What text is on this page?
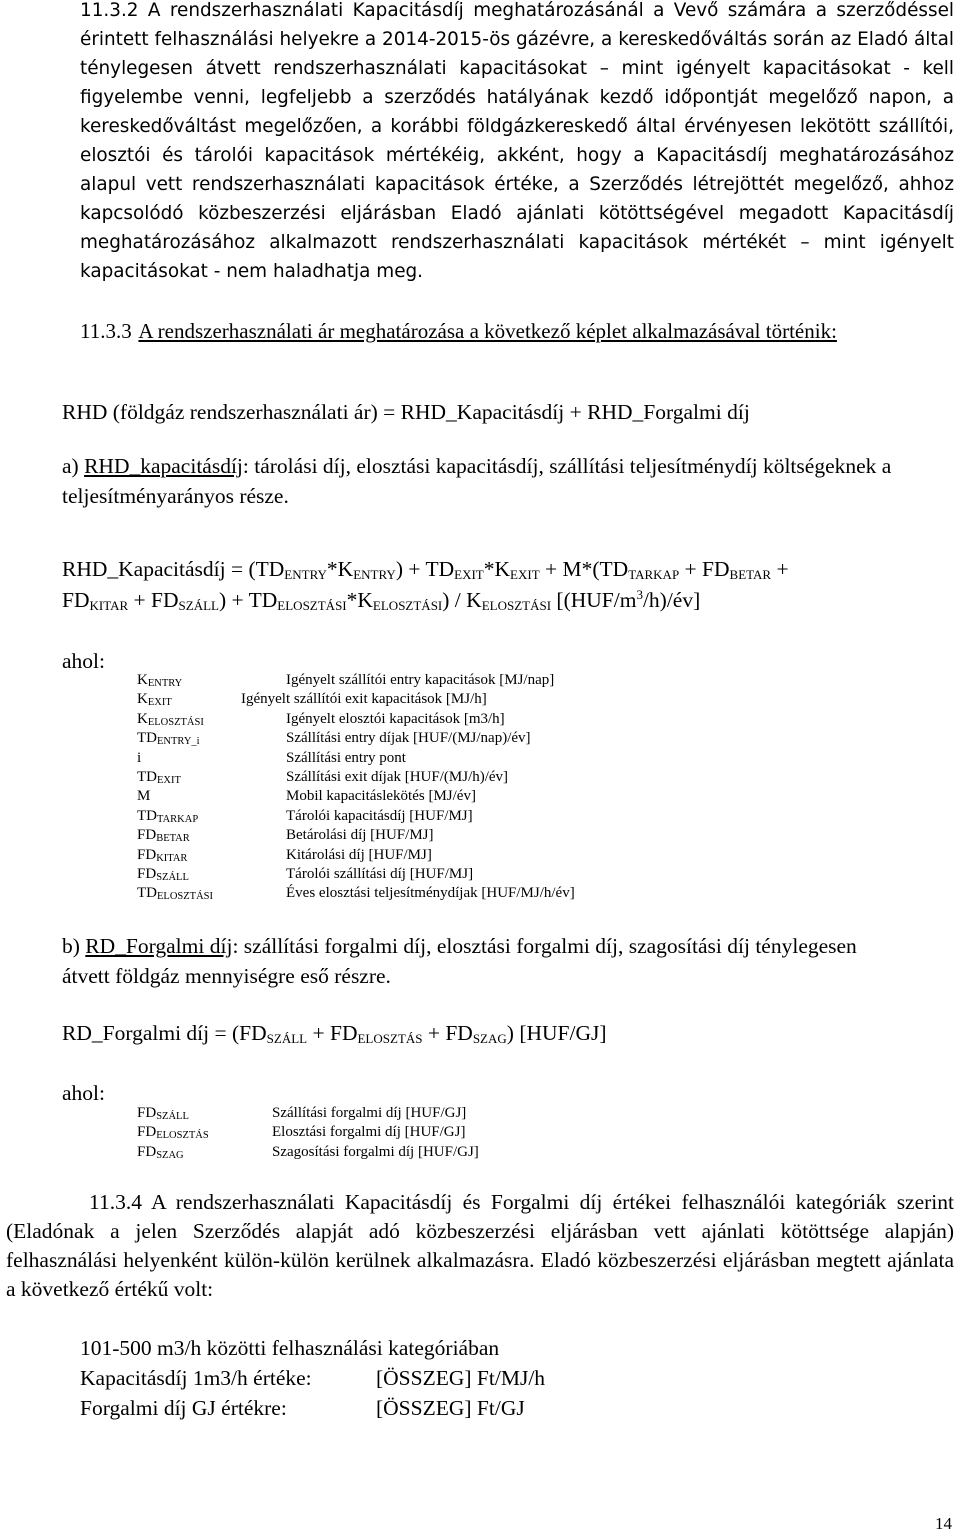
11.3.2 A rendszerhasználati Kapacitásdíj meghatározásánál a Vevő számára a szerződéssel érintett felhasználási helyekre a 2014-2015-ös gázévre, a kereskedőváltás során az Eladó által ténylegesen átvett rendszerhasználati kapacitásokat – mint igényelt kapacitásokat - kell figyelembe venni, legfeljebb a szerződés hatályának kezdő időpontját megelőző napon, a kereskedőváltást megelőzően, a korábbi földgázkereskedő által érvényesen lekötött szállítói, elosztói és tárolói kapacitások mértékéig, akként, hogy a Kapacitásdíj meghatározásához alapul vett rendszerhasználati kapacitások értéke, a Szerződés létrejöttét megelőző, ahhoz kapcsolódó közbeszerzési eljárásban Eladó ajánlati kötöttségével megadott Kapacitásdíj meghatározásához alkalmazott rendszerhasználati kapacitások mértékét – mint igényelt kapacitásokat - nem haladhatja meg.
11.3.3 A rendszerhasználati ár meghatározása a következő képlet alkalmazásával történik:
RHD (földgáz rendszerhasználati ár) = RHD_Kapacitásdíj + RHD_Forgalmi díj
a) RHD_kapacitásdíj: tárolási díj, elosztási kapacitásdíj, szállítási teljesítménydíj költségeknek a teljesítményarányos része.
RHD_Kapacitásdíj = $(TD_{ENTRY}*K_{ENTRY}) + TD_{EXIT}*K_{EXIT} + M*(TD_{TARKAP} + FD_{BETAR}$ +
$FD_{KITAR} + FD_{SZÁLL}) + TD_{ELOSZTÁSI}*K_{ELOSZTÁSI}) / K_{ELOSZTÁSI}$ $[(HUF/m^3/h)/év]$
ahol:
$K_{ENTRY}$	Igényelt szállítói entry kapacitások [MJ/nap]
$K_{EXIT}$	Igényelt szállítói exit kapacitások [MJ/h]
$K_{ELOSZTÁSI}$	Igényelt elosztói kapacitások [m3/h]
$TD_{ENTRY\_i}$	Szállítási entry díjak [HUF/(MJ/nap)/év]
i	Szállítási entry pont
$TD_{EXIT}$	Szállítási exit díjak [HUF/(MJ/h)/év]
M	Mobil kapacitáslekötés [MJ/év]
$TD_{TARKAP}$	Tárolói kapacitásdíj [HUF/MJ]
$FD_{BETAR}$	Betárolási díj [HUF/MJ]
$FD_{KITAR}$	Kitárolási díj [HUF/MJ]
$FD_{SZÁLL}$	Tárolói szállítási díj [HUF/MJ]
$TD_{ELOSZTÁSI}$	Éves elosztási teljesítménydíjak [HUF/MJ/h/év]
b) RD_Forgalmi díj: szállítási forgalmi díj, elosztási forgalmi díj, szagosítási díj ténylegesen átvett földgáz mennyiségre eső részre.
RD_Forgalmi díj = $(FD_{SZÁLL} + FD_{ELOSZTÁS} + FD_{SZAG})$ [HUF/GJ]
ahol:
$FD_{SZÁLL}$	Szállítási forgalmi díj [HUF/GJ]
$FD_{ELOSZTÁS}$	Elosztási forgalmi díj [HUF/GJ]
$FD_{SZAG}$	Szagosítási forgalmi díj [HUF/GJ]
11.3.4 A rendszerhasználati Kapacitásdíj és Forgalmi díj értékei felhasználói kategóriák szerint (Eladónak a jelen Szerződés alapját adó közbeszerzési eljárásban vett ajánlati kötöttsége alapján) felhasználási helyenként külön-külön kerülnek alkalmazásra. Eladó közbeszerzési eljárásban megtett ajánlata a következő értékű volt:
101-500 m3/h közötti felhasználási kategóriában
Kapacitásdíj 1m3/h értéke:	[ÖSSZEG] Ft/MJ/h
Forgalmi díj GJ értékre:	[ÖSSZEG] Ft/GJ
14
